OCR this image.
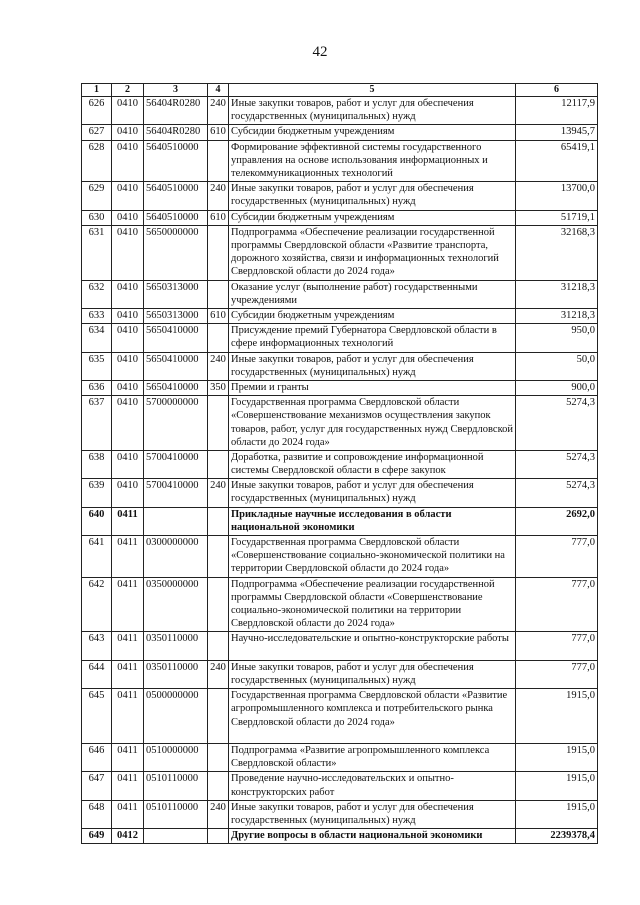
42
1	2	3	4	5	6
626	0410	56404R0280	240	Иные закупки товаров, работ и услуг для обеспечения государственных (муниципальных) нужд	12117,9
627	0410	56404R0280	610	Субсидии бюджетным учреждениям	13945,7
628	0410	5640510000		Формирование эффективной системы государственного управления на основе использования информационных и телекоммуникационных технологий	65419,1
629	0410	5640510000	240	Иные закупки товаров, работ и услуг для обеспечения государственных (муниципальных) нужд	13700,0
630	0410	5640510000	610	Субсидии бюджетным учреждениям	51719,1
631	0410	5650000000		Подпрограмма «Обеспечение реализации государственной программы Свердловской области «Развитие транспорта, дорожного хозяйства, связи и информационных технологий Свердловской области до 2024 года»	32168,3
632	0410	5650313000		Оказание услуг (выполнение работ) государственными учреждениями	31218,3
633	0410	5650313000	610	Субсидии бюджетным учреждениям	31218,3
634	0410	5650410000		Присуждение премий Губернатора Свердловской области в сфере информационных технологий	950,0
635	0410	5650410000	240	Иные закупки товаров, работ и услуг для обеспечения государственных (муниципальных) нужд	50,0
636	0410	5650410000	350	Премии и гранты	900,0
637	0410	5700000000		Государственная программа Свердловской области «Совершенствование механизмов осуществления закупок товаров, работ, услуг для государственных нужд Свердловской области до 2024 года»	5274,3
638	0410	5700410000		Доработка, развитие и сопровождение информационной системы Свердловской области в сфере закупок	5274,3
639	0410	5700410000	240	Иные закупки товаров, работ и услуг для обеспечения государственных (муниципальных) нужд	5274,3
640	0411			Прикладные научные исследования в области национальной экономики	2692,0
641	0411	0300000000		Государственная программа Свердловской области «Совершенствование социально-экономической политики на территории Свердловской области до 2024 года»	777,0
642	0411	0350000000		Подпрограмма «Обеспечение реализации государственной программы Свердловской области «Совершенствование социально-экономической политики на территории Свердловской области до 2024 года»	777,0
643	0411	0350110000		Научно-исследовательские и опытно-конструкторские работы	777,0
644	0411	0350110000	240	Иные закупки товаров, работ и услуг для обеспечения государственных (муниципальных) нужд	777,0
645	0411	0500000000		Государственная программа Свердловской области «Развитие агропромышленного комплекса и потребительского рынка Свердловской области до 2024 года»	1915,0
646	0411	0510000000		Подпрограмма «Развитие агропромышленного комплекса Свердловской области»	1915,0
647	0411	0510110000		Проведение научно-исследовательских и опытно-конструкторских работ	1915,0
648	0411	0510110000	240	Иные закупки товаров, работ и услуг для обеспечения государственных (муниципальных) нужд	1915,0
649	0412			Другие вопросы в области национальной экономики	2239378,4
